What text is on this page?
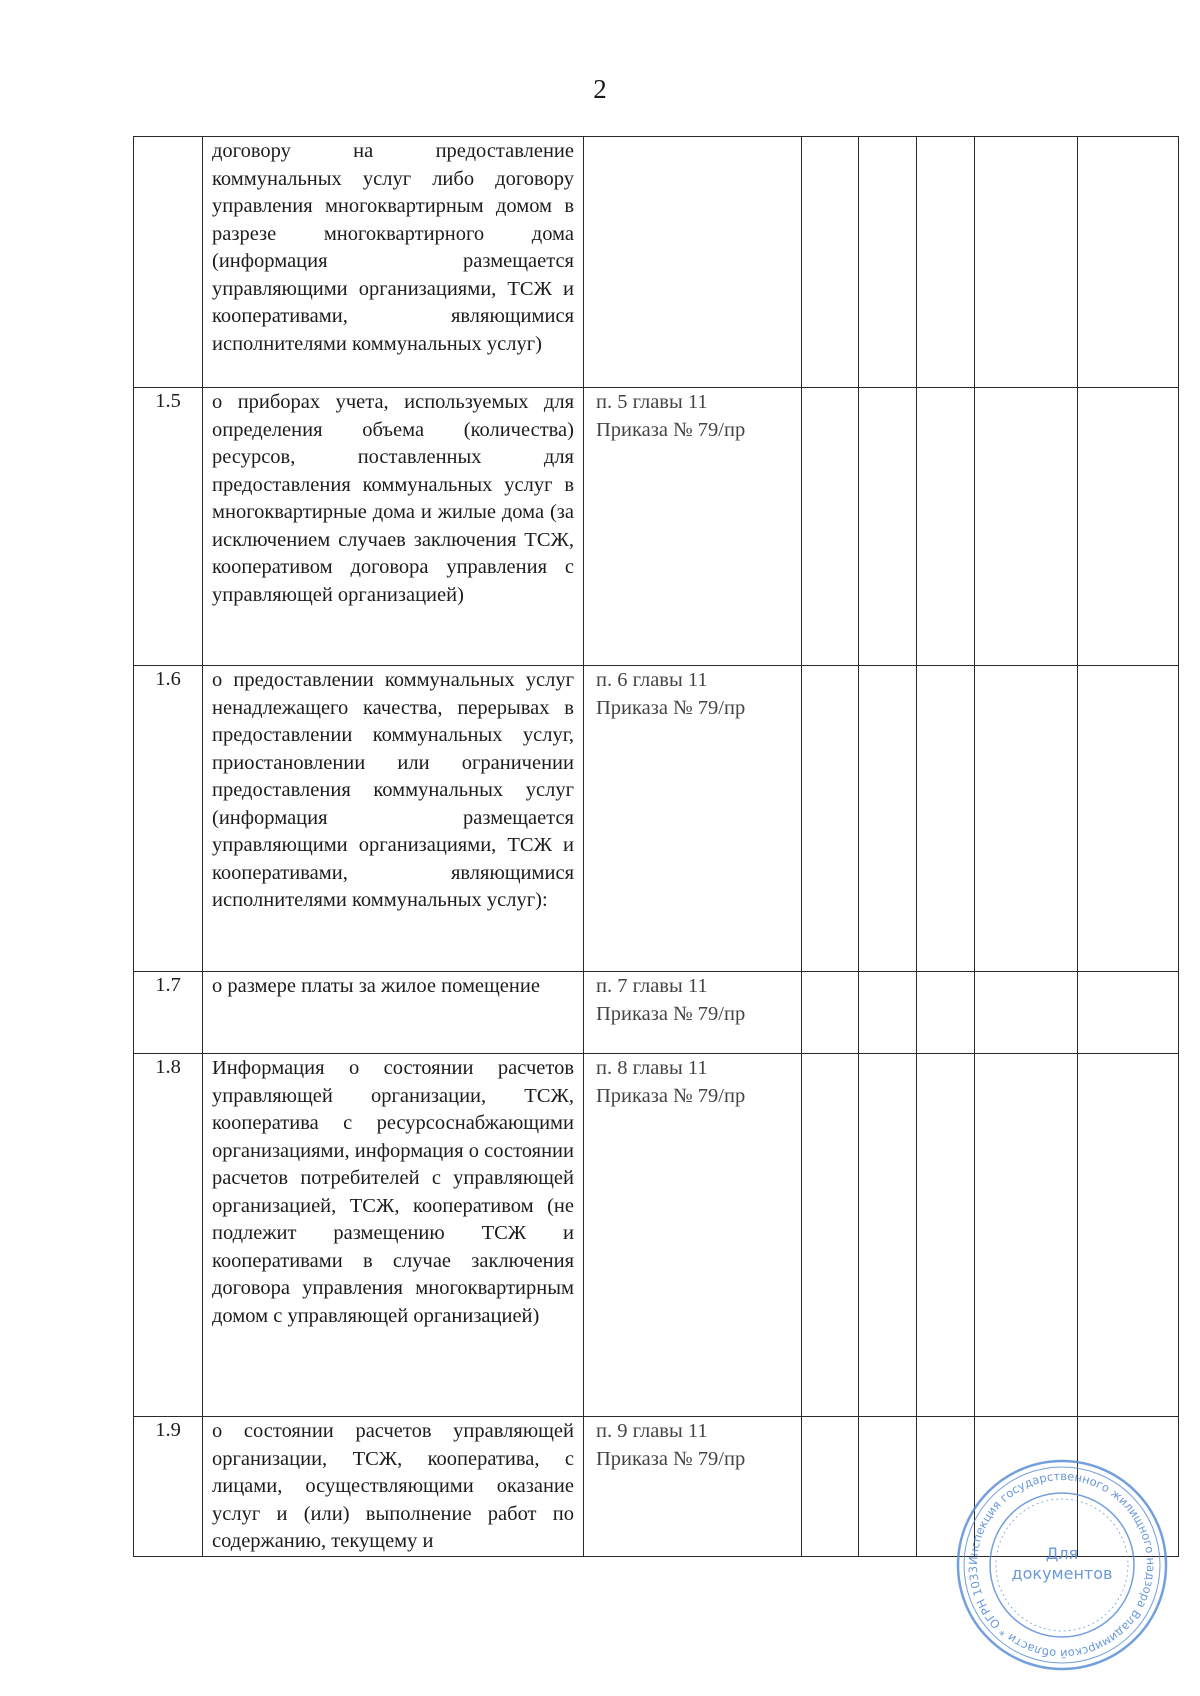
2
	договору на предоставление коммунальных услуг либо договору управления многоквартирным домом в разрезе многоквартирного дома (информация размещается управляющими организациями, ТСЖ и кооперативами, являющимися исполнителями коммунальных услуг)	

1.5	о приборах учета, используемых для определения объема (количества) ресурсов, поставленных для предоставления коммунальных услуг в многоквартирные дома и жилые дома (за исключением случаев заключения ТСЖ, кооперативом договора управления с управляющей организацией)	п. 5 главы 11
Приказа № 79/пр					

1.6	о предоставлении коммунальных услуг ненадлежащего качества, перерывах в предоставлении коммунальных услуг, приостановлении или ограничении предоставления коммунальных услуг (информация размещается управляющими организациями, ТСЖ и кооперативами, являющимися исполнителями коммунальных услуг):	п. 6 главы 11
Приказа № 79/пр					

1.7	о размере платы за жилое помещение	п. 7 главы 11
Приказа № 79/пр					

1.8	Информация о состоянии расчетов управляющей организации, ТСЖ, кооператива с ресурсоснабжающими организациями, информация о состоянии расчетов потребителей с управляющей организацией, ТСЖ, кооперативом (не подлежит размещению ТСЖ и кооперативами в случае заключения договора управления многоквартирным домом с управляющей организацией)	п. 8 главы 11
Приказа № 79/пр					

1.9	о состоянии расчетов управляющей организации, ТСЖ, кооператива, с лицами, осуществляющими оказание услуг и (или) выполнение работ по содержанию, текущему и	п. 9 главы 11
Приказа № 79/пр					

Инспекция государственного жилищного надзора Владимирской области * ОГРН 1033
Для
документов
